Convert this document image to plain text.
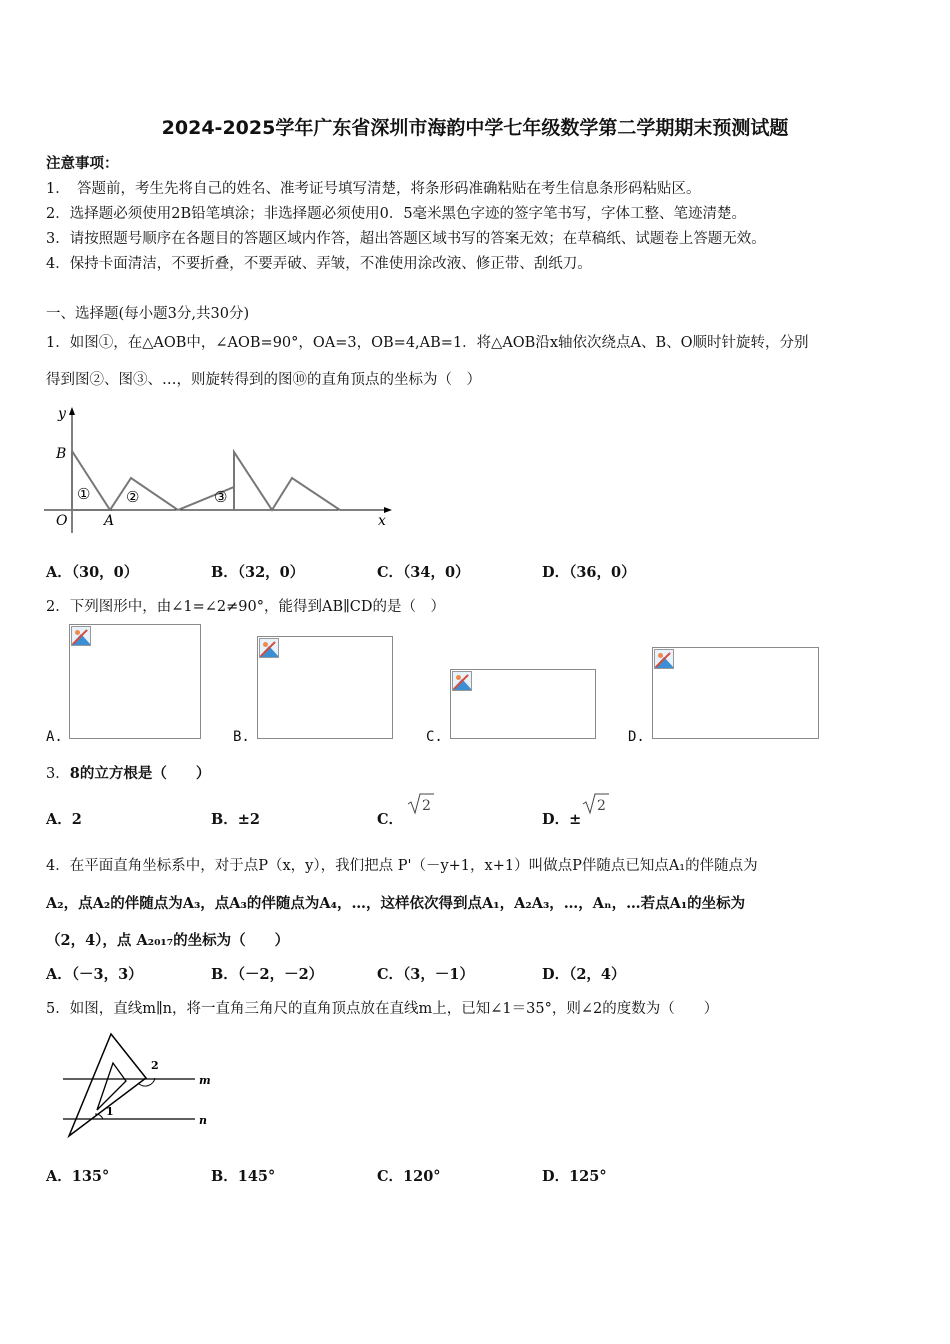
2024-2025学年广东省深圳市海韵中学七年级数学第二学期期末预测试题
注意事项：
1．　答题前，考生先将自己的姓名、准考证号填写清楚，将条形码准确粘贴在考生信息条形码粘贴区。
2．选择题必须使用2B铅笔填涂；非选择题必须使用0．5毫米黑色字迹的签字笔书写，字体工整、笔迹清楚。
3．请按照题号顺序在各题目的答题区域内作答，超出答题区域书写的答案无效；在草稿纸、试题卷上答题无效。
4．保持卡面清洁，不要折叠，不要弄破、弄皱，不准使用涂改液、修正带、刮纸刀。
一、选择题(每小题3分,共30分)
1．如图①，在△AOB中，∠AOB=90°，OA=3，OB=4,AB=1．将△AOB沿x轴依次绕点A、B、O顺时针旋转，分别
得到图②、图③、…，则旋转得到的图⑩的直角顶点的坐标为（　）
B
O	A
y
x
① ②	③
A．（30，0）	B．（32，0）	C．（34，0）	D．（36，0）
2．下列图形中，由∠1=∠2≠90°，能得到AB∥CD的是（　）
A.	B.	C.	D.
3．8的立方根是（　　）
A．2	B．±2	C．
2
D．±
2
4．在平面直角坐标系中，对于点P（x，y），我们把点 P'（－y+1，x+1）叫做点P伴随点已知点A₁的伴随点为
A₂，点A₂的伴随点为A₃，点A₃的伴随点为A₄，…，这样依次得到点A₁，A₂A₃，…，Aₙ，…若点A₁的坐标为
（2，4），点 A₂₀₁₇的坐标为（　　）
A．（－3，3）	B．（－2，－2）	C．（3，－1）	D．（2，4）
5．如图，直线m∥n，将一直角三角尺的直角顶点放在直线m上，已知∠1＝35°，则∠2的度数为（　　）
2
1
m
n
A．135°	B．145°	C．120°	D．125°
